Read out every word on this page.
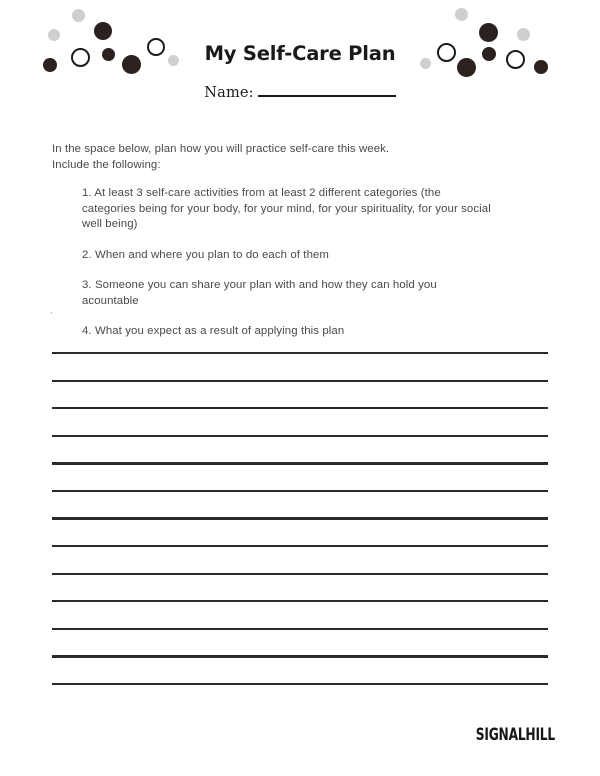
My Self-Care Plan
Name:

In the space below, plan how you will practice self-care this week.
Include the following:

1. At least 3 self-care activities from at least 2 different categories (the categories being for your body, for your mind, for your spirituality, for your social well being)
2. When and where you plan to do each of them
3. Someone you can share your plan with and how they can hold you acountable
4. What you expect as a result of applying this plan
`
SIGNALHILL
